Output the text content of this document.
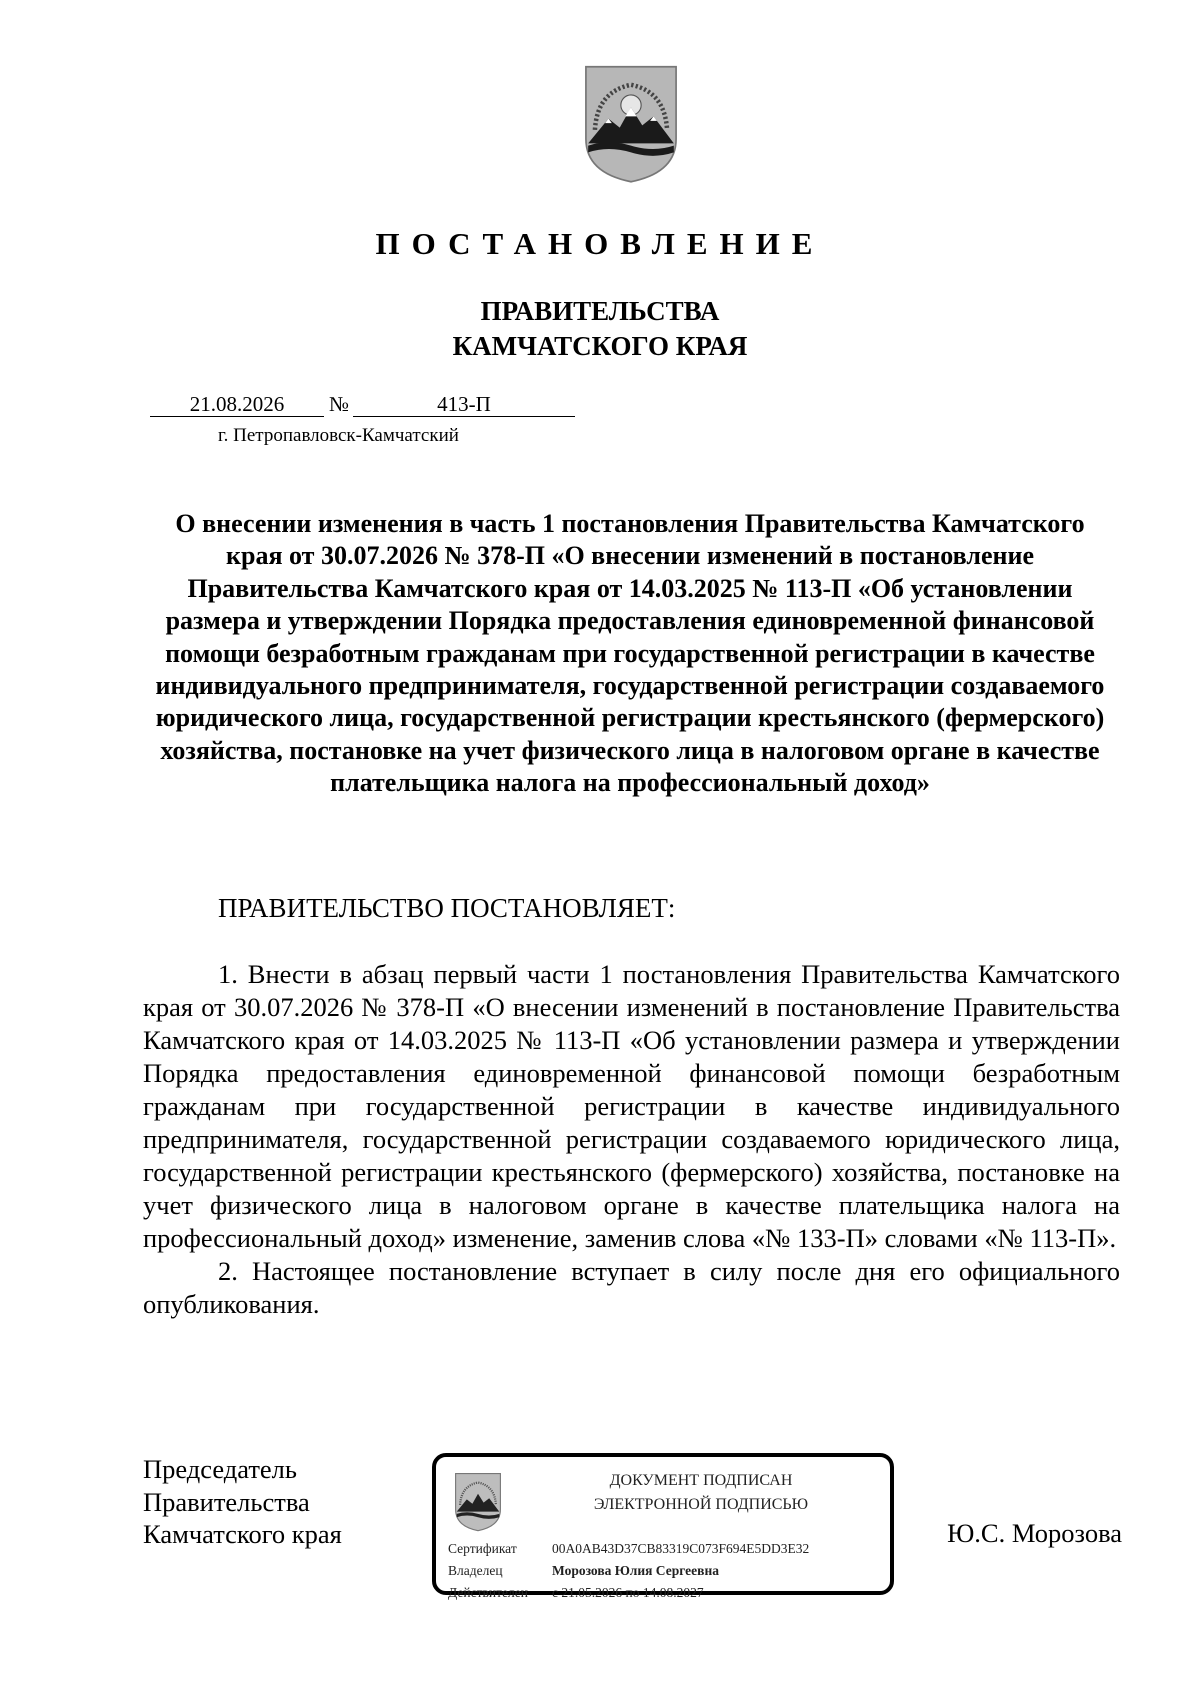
ПОСТАНОВЛЕНИЕ
ПРАВИТЕЛЬСТВА
КАМЧАТСКОГО КРАЯ
21.08.2026	№	413-П
г. Петропавловск-Камчатский
О внесении изменения в часть 1 постановления Правительства Камчатского края от 30.07.2026 № 378-П «О внесении изменений в постановление Правительства Камчатского края от 14.03.2025 № 113-П «Об установлении размера и утверждении Порядка предоставления единовременной финансовой помощи безработным гражданам при государственной регистрации в качестве индивидуального предпринимателя, государственной регистрации создаваемого юридического лица, государственной регистрации крестьянского (фермерского) хозяйства, постановке на учет физического лица в налоговом органе в качестве плательщика налога на профессиональный доход»
ПРАВИТЕЛЬСТВО ПОСТАНОВЛЯЕТ:

1. Внести в абзац первый части 1 постановления Правительства Камчатского края от 30.07.2026 № 378-П «О внесении изменений в постановление Правительства Камчатского края от 14.03.2025 № 113-П «Об установлении размера и утверждении Порядка предоставления единовременной финансовой помощи безработным гражданам при государственной регистрации в качестве индивидуального предпринимателя, государственной регистрации создаваемого юридического лица, государственной регистрации крестьянского (фермерского) хозяйства, постановке на учет физического лица в налоговом органе в качестве плательщика налога на профессиональный доход» изменение, заменив слова «№ 133-П» словами «№ 113-П».

2. Настоящее постановление вступает в силу после дня его официального опубликования.

Председатель
Правительства
Камчатского края
ДОКУМЕНТ ПОДПИСАН
ЭЛЕКТРОННОЙ ПОДПИСЬЮ
Сертификат	00A0AB43D37CB83319C073F694E5DD3E32
Владелец	Морозова Юлия Сергеевна
Действителен с 21.05.2026 по 14.08.2027
Ю.С. Морозова
